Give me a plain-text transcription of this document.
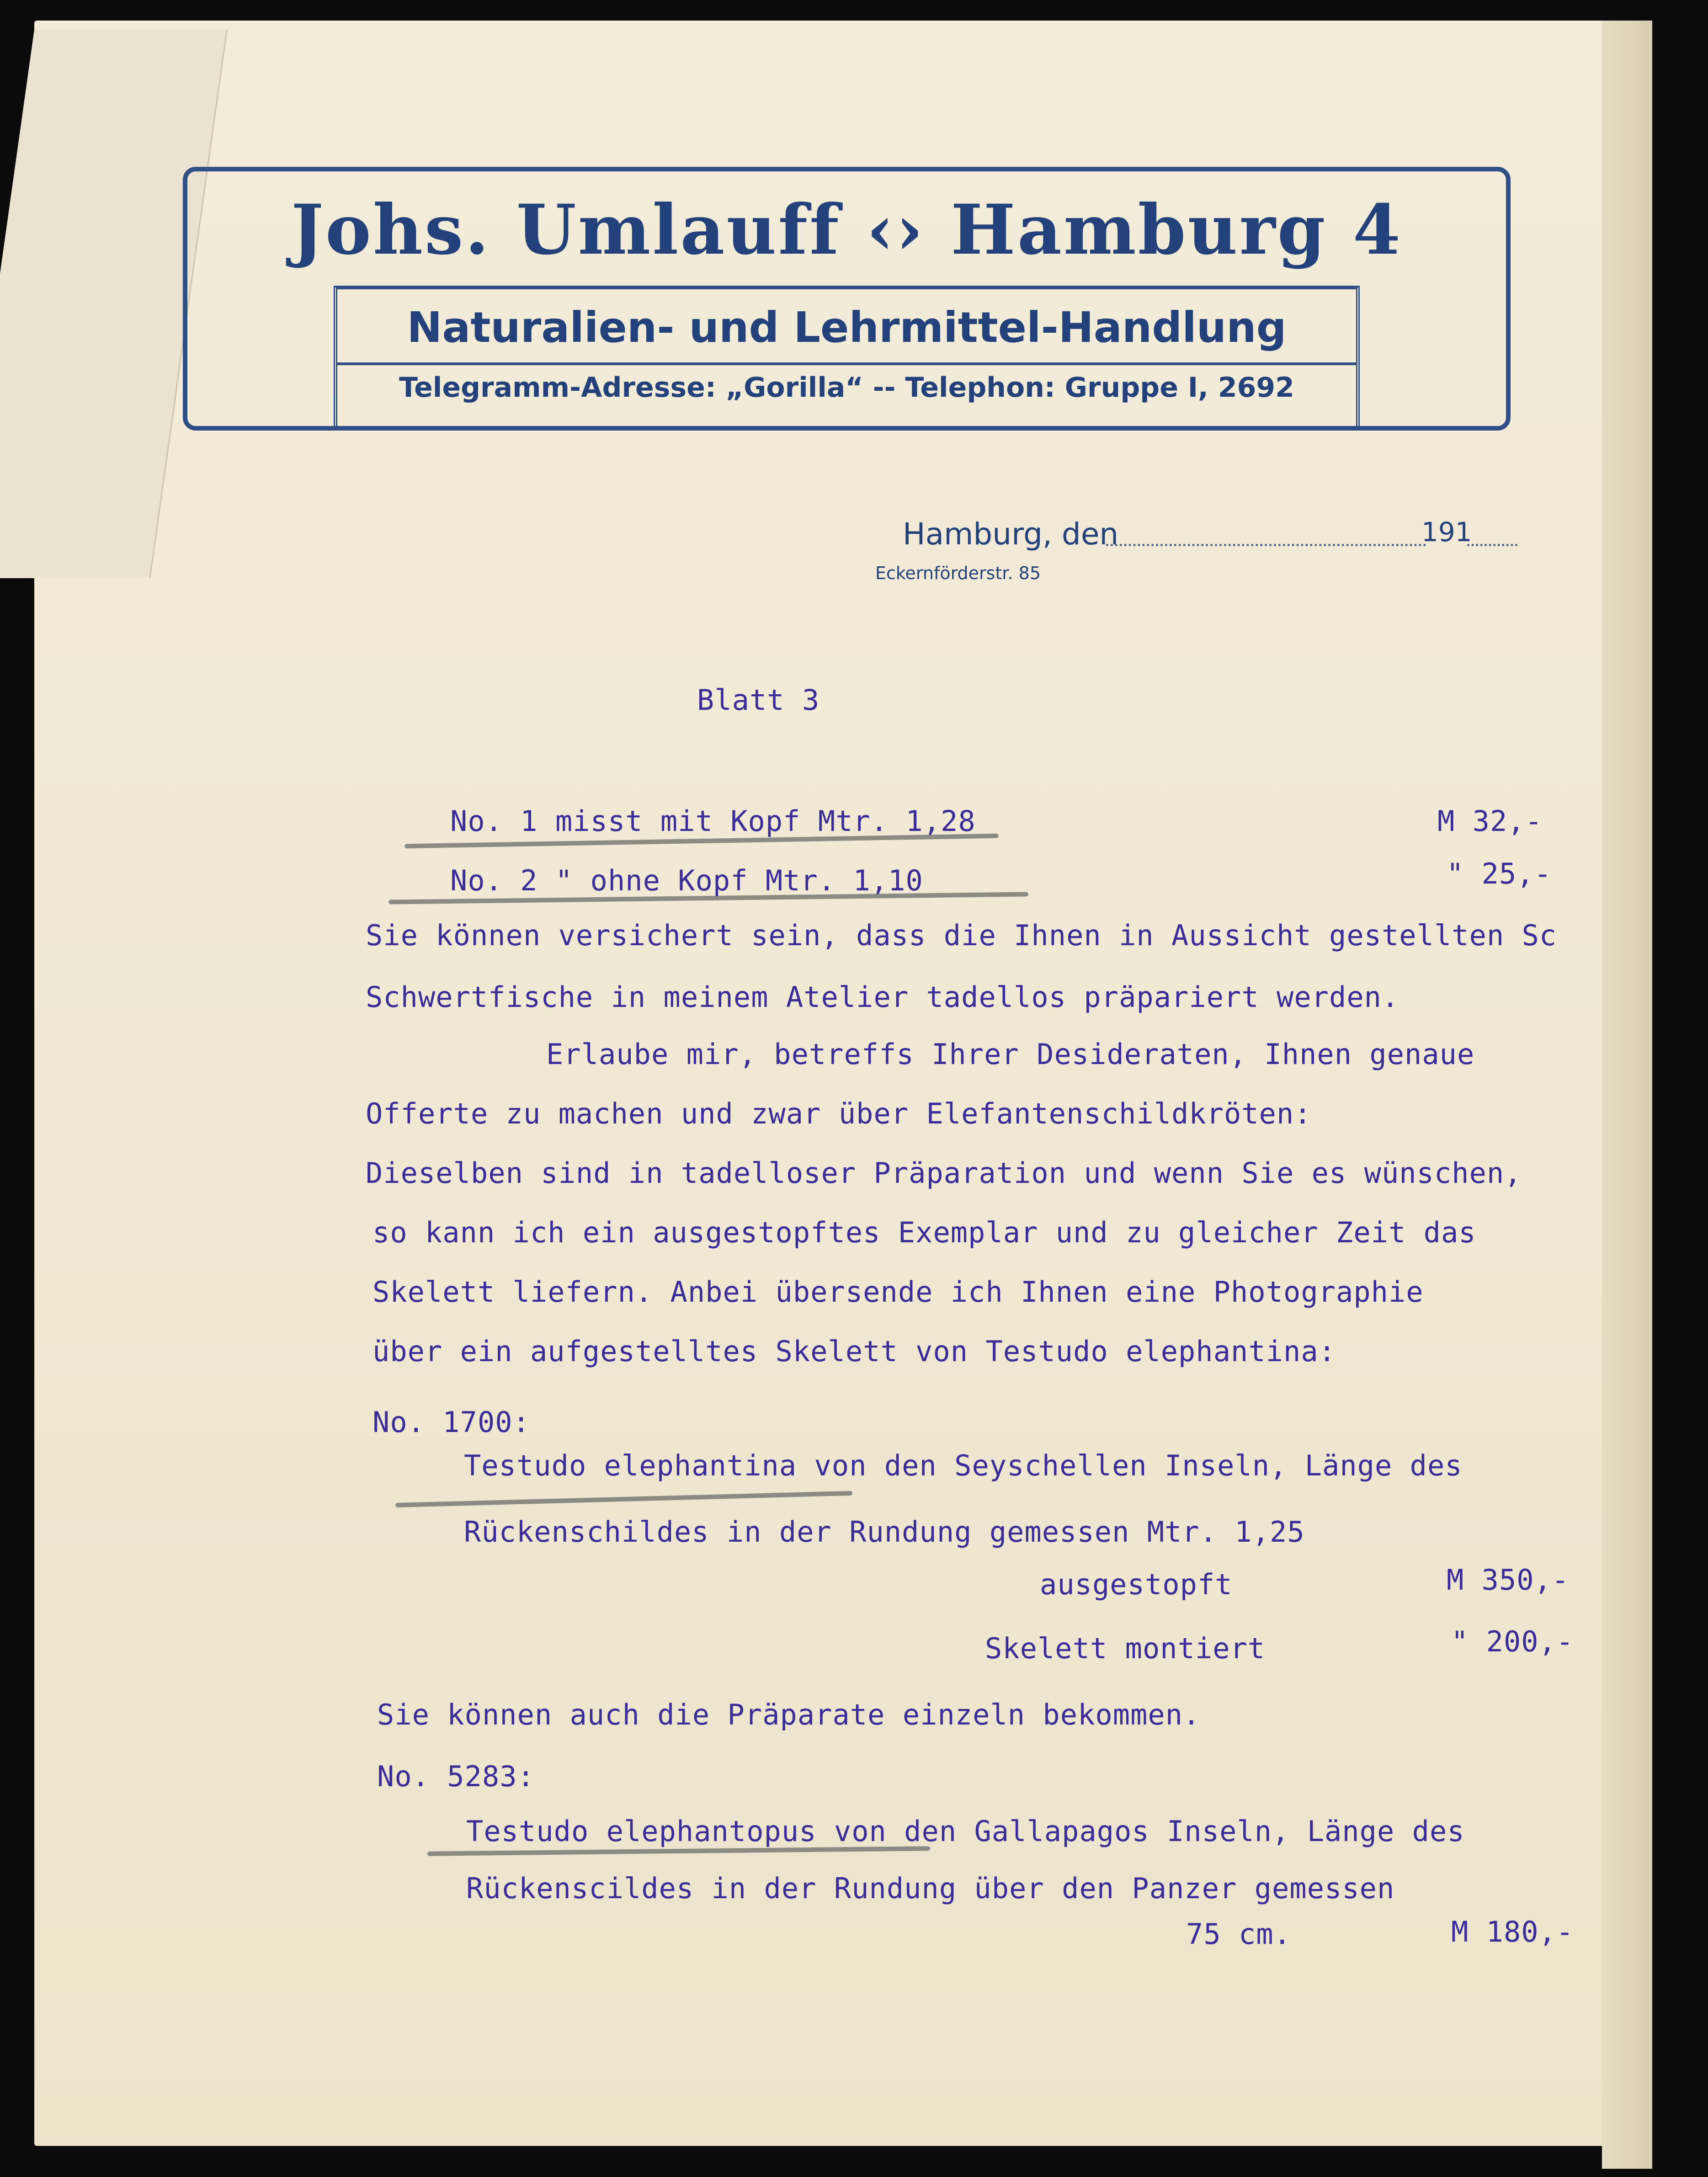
Johs. Umlauff ‹› Hamburg 4
Naturalien- und Lehrmittel-Handlung
Telegramm-Adresse: „Gorilla“ -- Telephon: Gruppe I, 2692
Hamburg, den	191
Eckernförderstr. 85
Blatt 3
No. 1 misst mit Kopf Mtr. 1,28	M 32,-
No. 2 " ohne Kopf Mtr. 1,10	" 25,-
Sie können versichert sein, dass die Ihnen in Aussicht gestellten Sc
Schwertfische in meinem Atelier tadellos präpariert werden.
Erlaube mir, betreffs Ihrer Desideraten, Ihnen genaue
Offerte zu machen und zwar über Elefantenschildkröten:
Dieselben sind in tadelloser Präparation und wenn Sie es wünschen,
so kann ich ein ausgestopftes Exemplar und zu gleicher Zeit das
Skelett liefern. Anbei übersende ich Ihnen eine Photographie
über ein aufgestelltes Skelett von Testudo elephantina:
No. 1700:
Testudo elephantina von den Seyschellen Inseln, Länge des
Rückenschildes in der Rundung gemessen Mtr. 1,25
ausgestopft	M 350,-
Skelett montiert	" 200,-
Sie können auch die Präparate einzeln bekommen.
No. 5283:
Testudo elephantopus von den Gallapagos Inseln, Länge des
Rückenscildes in der Rundung über den Panzer gemessen
75 cm.	M 180,-
